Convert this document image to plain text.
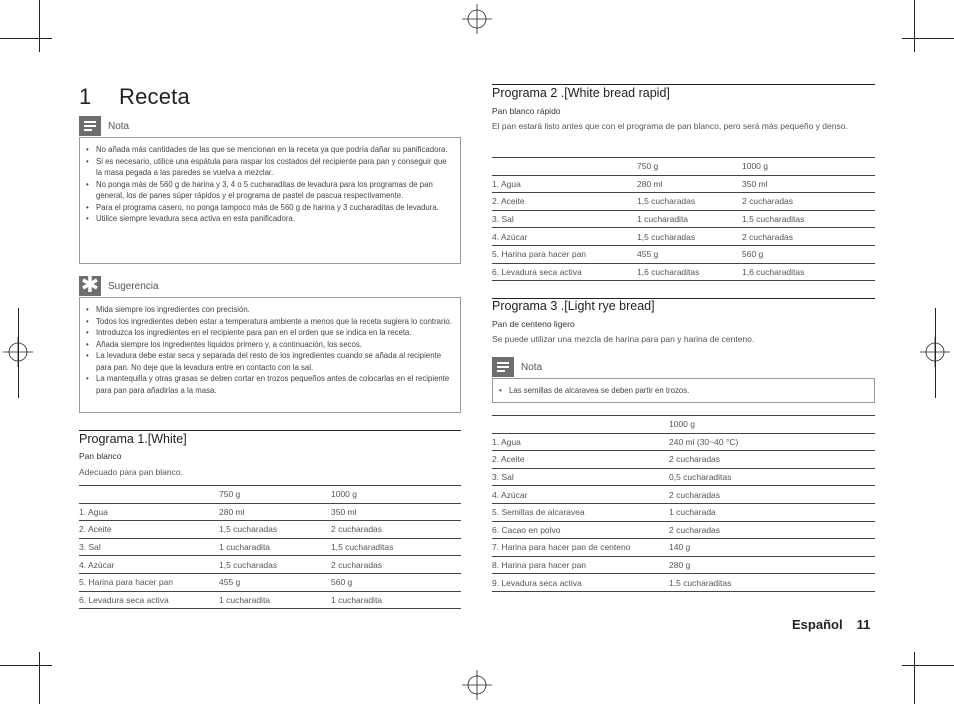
1 Receta
Nota
• No añada más cantidades de las que se mencionan en la receta ya que podría dañar su panificadora.
• Si es necesario, utilice una espátula para raspar los costados del recipiente para pan y conseguir que la masa pegada a las paredes se vuelva a mezclar.
• No ponga más de 560 g de harina y 3, 4 o 5 cucharaditas de levadura para los programas de pan general, los de panes súper rápidos y el programa de pastel de pascua respectivamente.
• Para el programa casero, no ponga tampoco más de 560 g de harina y 3 cucharaditas de levadura.
• Utilice siempre levadura seca activa en esta panificadora.
✱ Sugerencia
• Mida siempre los ingredientes con precisión.
• Todos los ingredientes deben estar a temperatura ambiente a menos que la receta sugiera lo contrario.
• Introduzca los ingredientes en el recipiente para pan en el orden que se indica en la receta.
• Añada siempre los ingredientes líquidos primero y, a continuación, los secos.
• La levadura debe estar seca y separada del resto de los ingredientes cuando se añada al recipiente para pan. No deje que la levadura entre en contacto con la sal.
• La mantequilla y otras grasas se deben cortar en trozos pequeños antes de colocarlas en el recipiente para pan para añadirlas a la masa.
Programa 1.[White]
Pan blanco
Adecuado para pan blanco.
	750 g	1000 g
1. Agua	280 ml	350 ml
2. Aceite	1,5 cucharadas	2 cucharadas
3. Sal	1 cucharadita	1,5 cucharaditas
4. Azúcar	1,5 cucharadas	2 cucharadas
5. Harina para hacer pan	455 g	560 g
6. Levadura seca activa	1 cucharadita	1 cucharadita
Programa 2 .[White bread rapid]
Pan blanco rápido
El pan estará listo antes que con el programa de pan blanco, pero será más pequeño y denso.
	750 g	1000 g
1. Agua	280 ml	350 ml
2. Aceite	1,5 cucharadas	2 cucharadas
3. Sal	1 cucharadita	1,5 cucharaditas
4. Azúcar	1,5 cucharadas	2 cucharadas
5. Harina para hacer pan	455 g	560 g
6. Levadura seca activa	1,6 cucharaditas	1,6 cucharaditas
Programa 3 .[Light rye bread]
Pan de centeno ligero
Se puede utilizar una mezcla de harina para pan y harina de centeno.
Nota
• Las semillas de alcaravea se deben partir en trozos.
	1000 g
1. Agua	240 ml (30~40 °C)
2. Aceite	2 cucharadas
3. Sal	0,5 cucharaditas
4. Azúcar	2 cucharadas
5. Semillas de alcaravea	1 cucharada
6. Cacao en polvo	2 cucharadas
7. Harina para hacer pan de centeno	140 g
8. Harina para hacer pan	280 g
9. Levadura seca activa	1,5 cucharaditas
Español 11
